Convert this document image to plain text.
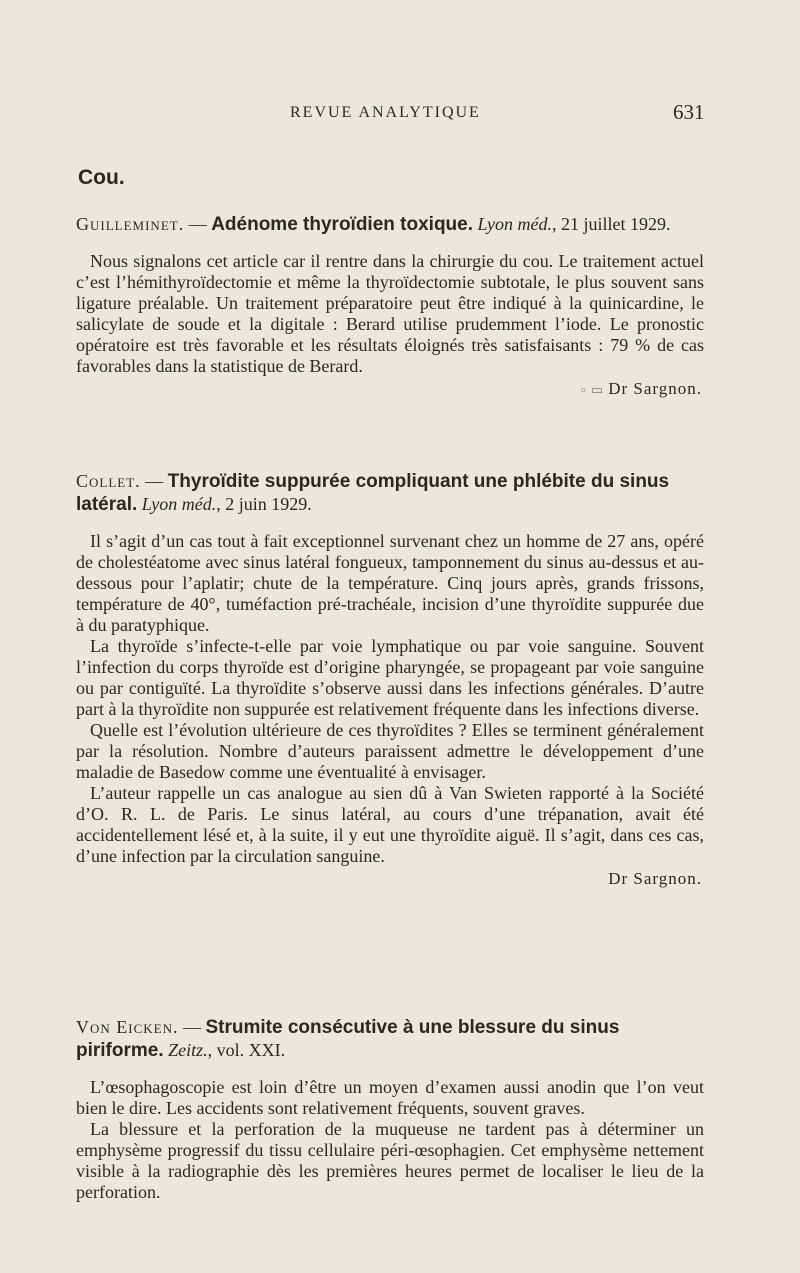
REVUE ANALYTIQUE	631
Cou.

Guilleminet. — Adénome thyroïdien toxique. Lyon méd., 21 juillet 1929.

Nous signalons cet article car il rentre dans la chirurgie du cou. Le traitement actuel c’est l’hémithyroïdectomie et même la thyroïdectomie subtotale, le plus souvent sans ligature préalable. Un traitement préparatoire peut être indiqué à la quinicardine, le salicylate de soude et la digitale : Berard utilise prudemment l’iode. Le pronostic opératoire est très favorable et les résultats éloignés très satisfaisants : 79 % de cas favorables dans la statistique de Berard.

▫ ▭ Dr Sargnon.

Collet. — Thyroïdite suppurée compliquant une phlébite du sinus latéral. Lyon méd., 2 juin 1929.

Il s’agit d’un cas tout à fait exceptionnel survenant chez un homme de 27 ans, opéré de cholestéatome avec sinus latéral fongueux, tamponnement du sinus au-dessus et au-dessous pour l’aplatir; chute de la température. Cinq jours après, grands frissons, température de 40°, tuméfaction pré-trachéale, incision d’une thyroïdite suppurée due à du paratyphique.

La thyroïde s’infecte-t-elle par voie lymphatique ou par voie sanguine. Souvent l’infection du corps thyroïde est d’origine pharyngée, se propageant par voie sanguine ou par contiguïté. La thyroïdite s’observe aussi dans les infections générales. D’autre part à la thyroïdite non suppurée est relativement fréquente dans les infections diverse.

Quelle est l’évolution ultérieure de ces thyroïdites ? Elles se terminent généralement par la résolution. Nombre d’auteurs paraissent admettre le développement d’une maladie de Basedow comme une éventualité à envisager.

L’auteur rappelle un cas analogue au sien dû à Van Swieten rapporté à la Société d’O. R. L. de Paris. Le sinus latéral, au cours d’une trépanation, avait été accidentellement lésé et, à la suite, il y eut une thyroïdite aiguë. Il s’agit, dans ces cas, d’une infection par la circulation sanguine.

Dr Sargnon.

Von Eicken. — Strumite consécutive à une blessure du sinus piriforme. Zeitz., vol. XXI.

L’œsophagoscopie est loin d’être un moyen d’examen aussi anodin que l’on veut bien le dire. Les accidents sont relativement fréquents, souvent graves.

La blessure et la perforation de la muqueuse ne tardent pas à déterminer un emphysème progressif du tissu cellulaire péri-œsophagien. Cet emphysème nettement visible à la radiographie dès les premières heures permet de localiser le lieu de la perforation.
